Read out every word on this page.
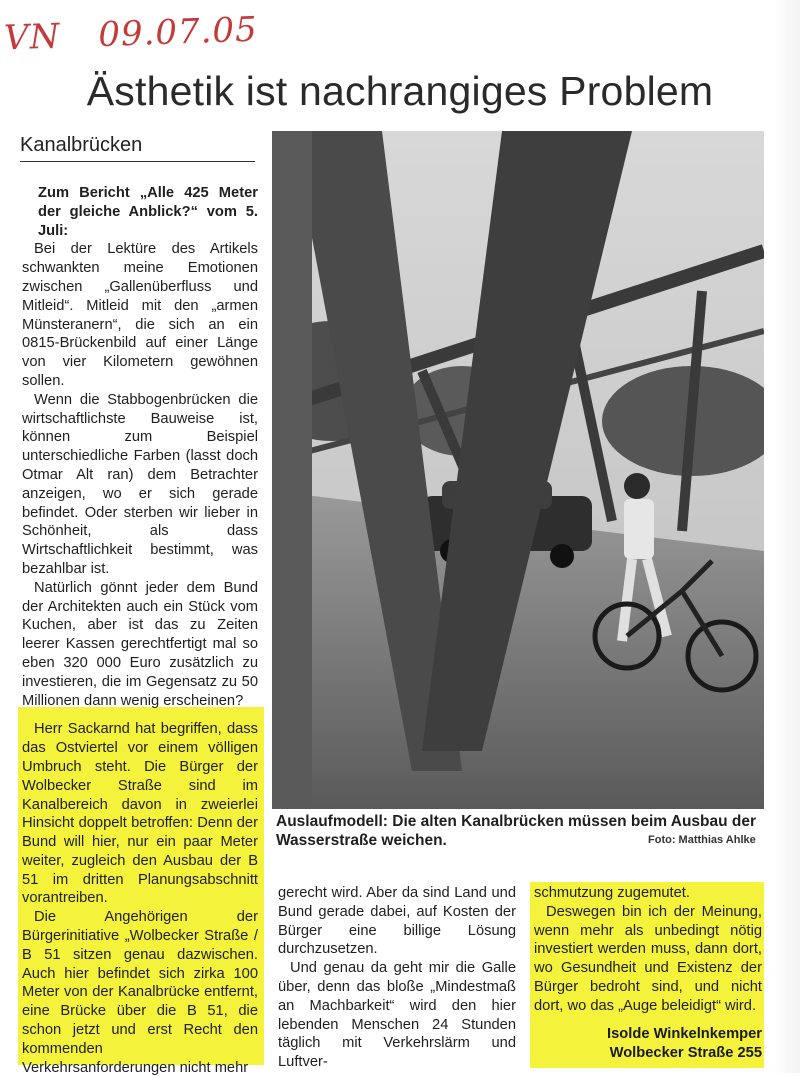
VN 09.07.05
Ästhetik ist nachrangiges Problem
Kanalbrücken

Zum Bericht „Alle 425 Meter der gleiche Anblick?“ vom 5. Juli:

Bei der Lektüre des Artikels schwankten meine Emotionen zwischen „Gallenüberfluss und Mitleid“. Mitleid mit den „armen Münsteranern“, die sich an ein 0815-Brückenbild auf einer Länge von vier Kilometern gewöhnen sollen.

Wenn die Stabbogenbrücken die wirtschaftlichste Bauweise ist, können zum Beispiel unterschiedliche Farben (lasst doch Otmar Alt ran) dem Betrachter anzeigen, wo er sich gerade befindet. Oder sterben wir lieber in Schönheit, als dass Wirtschaftlichkeit bestimmt, was bezahlbar ist.

Natürlich gönnt jeder dem Bund der Architekten auch ein Stück vom Kuchen, aber ist das zu Zeiten leerer Kassen gerechtfertigt mal so eben 320 000 Euro zusätzlich zu investieren, die im Gegensatz zu 50 Millionen dann wenig erscheinen?

Herr Sackarnd hat begriffen, dass das Ostviertel vor einem völligen Umbruch steht. Die Bürger der Wolbecker Straße sind im Kanalbereich davon in zweierlei Hinsicht doppelt betroffen: Denn der Bund will hier, nur ein paar Meter weiter, zugleich den Ausbau der B 51 im dritten Planungsabschnitt vorantreiben.

Die Angehörigen der Bürgerinitiative „Wolbecker Straße / B 51 sitzen genau dazwischen. Auch hier befindet sich zirka 100 Meter von der Kanalbrücke entfernt, eine Brücke über die B 51, die schon jetzt und erst Recht den kommenden Verkehrsanforderungen nicht mehr

Auslaufmodell: Die alten Kanalbrücken müssen beim Ausbau der Wasserstraße weichen.	Foto: Matthias Ahlke

gerecht wird. Aber da sind Land und Bund gerade dabei, auf Kosten der Bürger eine billige Lösung durchzusetzen.

Und genau da geht mir die Galle über, denn das bloße „Mindestmaß an Machbarkeit“ wird den hier lebenden Menschen 24 Stunden täglich mit Verkehrslärm und Luftver-

schmutzung zugemutet.

Deswegen bin ich der Meinung, wenn mehr als unbedingt nötig investiert werden muss, dann dort, wo Gesundheit und Existenz der Bürger bedroht sind, und nicht dort, wo das „Auge beleidigt“ wird.

Isolde Winkelnkemper
Wolbecker Straße 255
